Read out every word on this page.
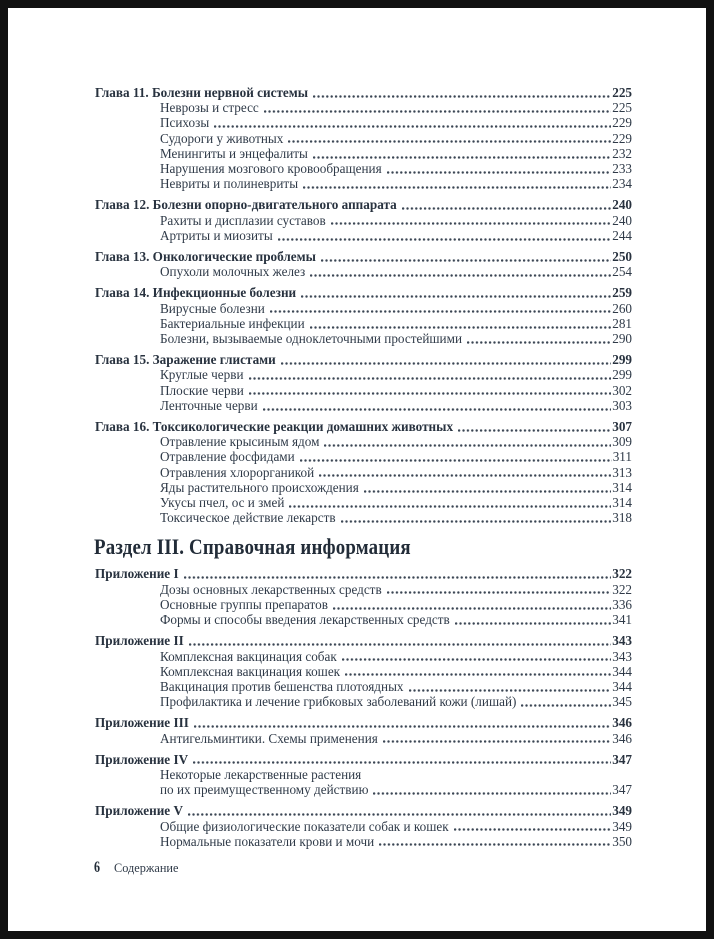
Глава 11. Болезни нервной системы	225
Неврозы и стресс	225
Психозы	229
Судороги у животных	229
Менингиты и энцефалиты	232
Нарушения мозгового кровообращения	233
Невриты и полиневриты	234
Глава 12. Болезни опорно-двигательного аппарата	240
Рахиты и дисплазии суставов	240
Артриты и миозиты	244
Глава 13. Онкологические проблемы	250
Опухоли молочных желез	254
Глава 14. Инфекционные болезни	259
Вирусные болезни	260
Бактериальные инфекции	281
Болезни, вызываемые одноклеточными простейшими	290
Глава 15. Заражение глистами	299
Круглые черви	299
Плоские черви	302
Ленточные черви	303
Глава 16. Токсикологические реакции домашних животных	307
Отравление крысиным ядом	309
Отравление фосфидами	311
Отравления хлорорганикой	313
Яды растительного происхождения	314
Укусы пчел, ос и змей	314
Токсическое действие лекарств	318
Раздел III. Справочная информация
Приложение I	322
Дозы основных лекарственных средств	322
Основные группы препаратов	336
Формы и способы введения лекарственных средств	341
Приложение II	343
Комплексная вакцинация собак	343
Комплексная вакцинация кошек	344
Вакцинация против бешенства плотоядных	344
Профилактика и лечение грибковых заболеваний кожи (лишай)	345
Приложение III	346
Антигельминтики. Схемы применения	346
Приложение IV	347
Некоторые лекарственные растения
по их преимущественному действию	347
Приложение V	349
Общие физиологические показатели собак и кошек	349
Нормальные показатели крови и мочи	350
6 Содержание
